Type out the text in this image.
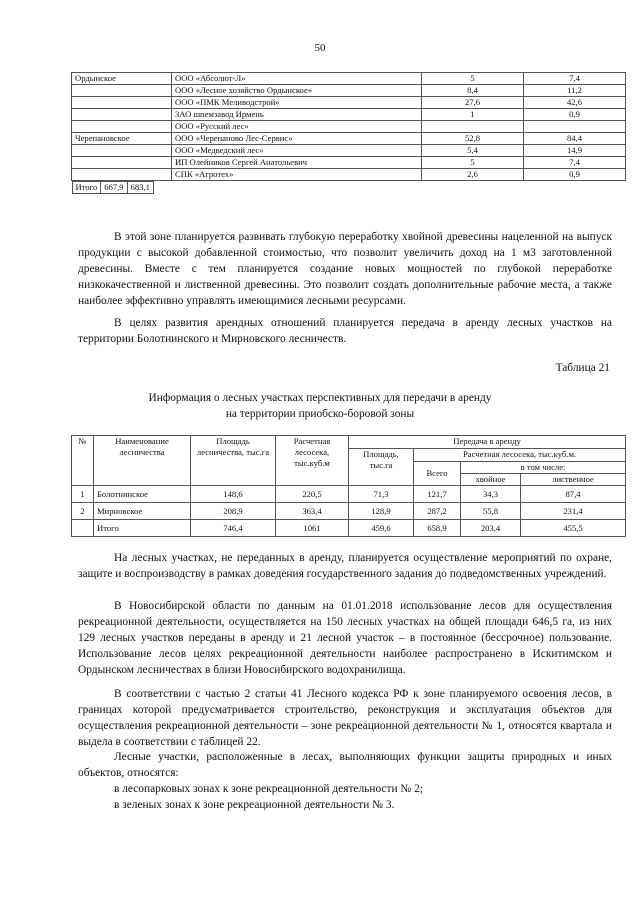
50
Ордынское	ООО «Абсолют-Л»	5	7,4
	ООО «Лесное хозяйство Ордынское»	8,4	11,2
	ООО «ПМК Меливодстрой»	27,6	42,6
	ЗАО шпемзавод Ирмень	1	0,9
	ООО «Русский лес»		
Черепановское	ООО «Черепаново Лес-Сервис»	52,8	84,4
	ООО «Медведский лес»	5,4	14,9
	ИП Олейников Сергей Анатольевич	5	7,4
	СПК «Агротех»	2,6	0,9
Итого	667,9	683,1			

В этой зоне планируется развивать глубокую переработку хвойной древесины нацеленной на выпуск продукции с высокой добавленной стоимостью, что позволит увеличить доход на 1 м3 заготовленной древесины. Вместе с тем планируется создание новых мощностей по глубокой переработке низкокачественной и лиственной древесины. Это позволит создать дополнительные рабочие места, а также наиболее эффективно управлять имеющимися лесными ресурсами.

В целях развития арендных отношений планируется передача в аренду лесных участков на территории Болотнинского и Мирновского лесничеств.

Таблица 21
Информация о лесных участках перспективных для передачи в аренду
на территории приобско-боровой зоны
№	Наименование лесничества	Площадь лесничества, тыс.га	Расчетная лесосека, тыс.куб.м	Передача в аренду			
				Площадь, тыс.га	Расчетная лесосека, тыс.куб.м.		
					Всего	в том числе:	
						хвойное	лиственное
1	Болотнинское	148,6	220,5	71,3	121,7	34,3	87,4
2	Мирновское	208,9	363,4	128,9	287,2	55,8	231,4
	Итого	746,4	1061	459,6	658,9	203,4	455,5

На лесных участках, не переданных в аренду, планируется осуществление мероприятий по охране, защите и воспроизводству в рамках доведения государственного задания до подведомственных учреждений.

В Новосибирской области по данным на 01.01.2018 использование лесов для осуществления рекреационной деятельности, осуществляется на 150 лесных участках на общей площади 646,5 га, из них 129 лесных участков переданы в аренду и 21 лесной участок – в постоянное (бессрочное) пользование. Использование лесов целях рекреационной деятельности наиболее распространено в Искитимском и Ордынском лесничествах в близи Новосибирского водохранилища.

В соответствии с частью 2 статьи 41 Лесного кодекса РФ к зоне планируемого освоения лесов, в границах которой предусматривается строительство, реконструкция и эксплуатация объектов для осуществления рекреационной деятельности – зоне рекреационной деятельности № 1, относятся квартала и выдела в соответствии с таблицей 22.

Лесные участки, расположенные в лесах, выполняющих функции защиты природных и иных объектов, относятся:

в лесопарковых зонах к зоне рекреационной деятельности № 2;

в зеленых зонах к зоне рекреационной деятельности № 3.
